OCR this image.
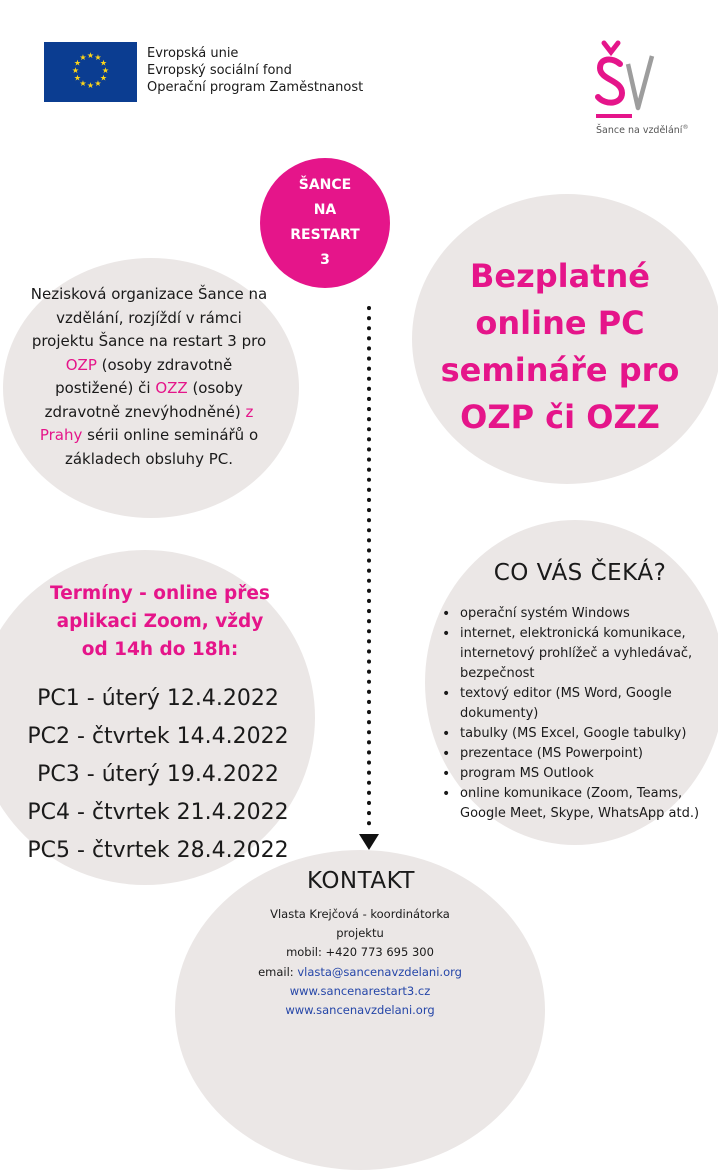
★ ★
★
★
★
★
★
★
★
★
★
★	Evropská unie
Evropský sociální fond
Operační program Zaměstnanost
Šance na vzdělání®
ŠANCE
NA
RESTART
3
Nezisková organizace Šance na vzdělání, rozjíždí v rámci projektu Šance na restart 3 pro OZP (osoby zdravotně postižené) či OZZ (osoby zdravotně znevýhodněné) z Prahy sérii online seminářů o základech obsluhy PC.
Bezplatné
online PC
semináře pro
OZP či OZZ
Termíny - online přes
aplikaci Zoom, vždy
od 14h do 18h:
PC1 - úterý 12.4.2022
PC2 - čtvrtek 14.4.2022
PC3 - úterý 19.4.2022
PC4 - čtvrtek 21.4.2022
PC5 - čtvrtek 28.4.2022
CO VÁS ČEKÁ?
• operační systém Windows
• internet, elektronická komunikace, internetový prohlížeč a vyhledávač, bezpečnost
• textový editor (MS Word, Google dokumenty)
• tabulky (MS Excel, Google tabulky)
• prezentace (MS Powerpoint)
• program MS Outlook
• online komunikace (Zoom, Teams, Google Meet, Skype, WhatsApp atd.)
KONTAKT
Vlasta Krejčová - koordinátorka projektu
mobil: +420 773 695 300
email: vlasta@sancenavzdelani.org
www.sancenarestart3.cz
www.sancenavzdelani.org
